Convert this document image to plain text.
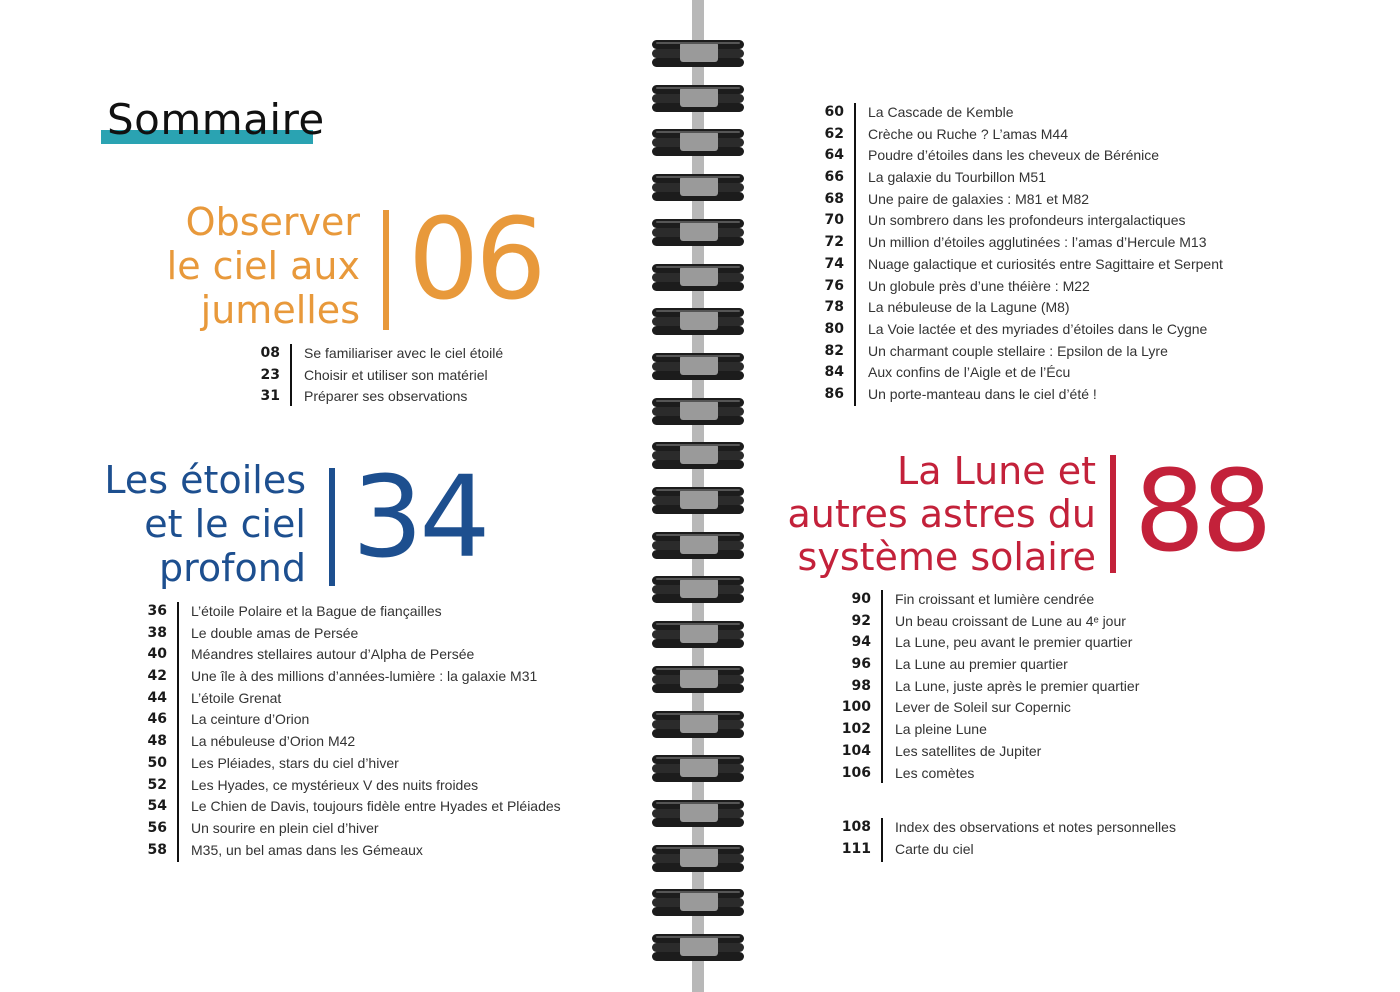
Sommaire
Observer
le ciel aux
jumelles 06
08 Se familiariser avec le ciel étoilé
23 Choisir et utiliser son matériel
31 Préparer ses observations
Les étoiles
et le ciel
profond 34
36 L’étoile Polaire et la Bague de fiançailles
38 Le double amas de Persée
40 Méandres stellaires autour d’Alpha de Persée
42 Une île à des millions d’années-lumière : la galaxie M31
44 L’étoile Grenat
46 La ceinture d’Orion
48 La nébuleuse d’Orion M42
50 Les Pléiades, stars du ciel d’hiver
52 Les Hyades, ce mystérieux V des nuits froides
54 Le Chien de Davis, toujours fidèle entre Hyades et Pléiades
56 Un sourire en plein ciel d’hiver
58 M35, un bel amas dans les Gémeaux
60 La Cascade de Kemble
62 Crèche ou Ruche ? L’amas M44
64 Poudre d’étoiles dans les cheveux de Bérénice
66 La galaxie du Tourbillon M51
68 Une paire de galaxies : M81 et M82
70 Un sombrero dans les profondeurs intergalactiques
72 Un million d’étoiles agglutinées : l’amas d’Hercule M13
74 Nuage galactique et curiosités entre Sagittaire et Serpent
76 Un globule près d’une théière : M22
78 La nébuleuse de la Lagune (M8)
80 La Voie lactée et des myriades d’étoiles dans le Cygne
82 Un charmant couple stellaire : Epsilon de la Lyre
84 Aux confins de l’Aigle et de l’Écu
86 Un porte-manteau dans le ciel d’été !
La Lune et
autres astres du
système solaire 88
90 Fin croissant et lumière cendrée
92 Un beau croissant de Lune au 4ᵉ jour
94 La Lune, peu avant le premier quartier
96 La Lune au premier quartier
98 La Lune, juste après le premier quartier
100 Lever de Soleil sur Copernic
102 La pleine Lune
104 Les satellites de Jupiter
106 Les comètes
108 Index des observations et notes personnelles
111 Carte du ciel
